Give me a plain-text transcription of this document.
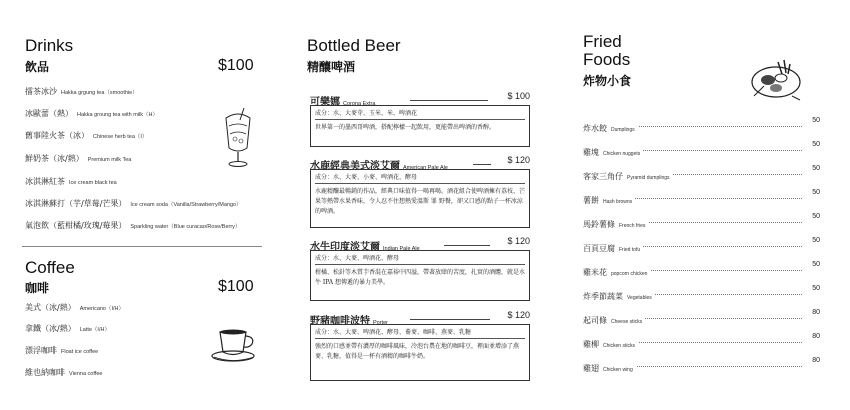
Drinks
飲品	$100
擂茶冰沙 Hakka grgung tea（smoothie）
冰歐蕾（熱） Hakka groung tea with milk（H）
舊事陸火茶（冰） Chinese herb tea（I）
鮮奶茶（冰/熱） Premium milk Tea
冰淇淋紅茶 Ice cream black tea
冰淇淋蘇打（芋/草莓/芒果） Ice cream soda（Vanilla/Strawberry/Mango）
氣泡飲（藍柑橘/玫瑰/莓果） Sparkling water（Blue curacao/Rose/Berry）
Coffee
咖啡	$100
美式（冰/熱） Americano（I/H）
拿鐵（冰/熱） Latte（I/H）
漂浮咖啡 Float ice coffee
維也納咖啡 Vienna coffee
Bottled Beer
精釀啤酒
可樂娜 Corona Extra
$ 100
成分：水、大麥芽、玉米、米、啤酒花
世界第一的墨西哥啤酒，搭配檸檬一起飲用，更能帶出啤酒的香醇。
水鹿經典美式淡艾爾 American Pale Ale
$ 120
成分：水、大麥、小麥、啤酒花、酵母
水鹿精釀最暢銷的作品，經典口味值得一喝再喝。酒花組合使啤酒擁有荔枝、芒果等熱帶水果香味，令人忍不住想熱愛溫斯 罪 野餐，卻又口感的點子一杯冰涼的啤酒。
水牛印度淡艾爾 Indian Pale Ale
$ 120
成分：水、大麥、啤酒花、酵母
柑橘、松針等木質芋香混在嘉裕中四溢，帶著放肆的苦度，扎實的酒體，就是水牛 IPA 想傳遞的暴力美學。
野豬咖啡波特 Porter
$ 120
成分：水、大麥、啤酒花、酵母、蕎麥、咖啡、燕麥、乳糖
強烈的口感並帶有濃厚的咖啡風味，冷泡台農在地的咖啡豆，裡面並增添了燕麥、乳糖，值得是一杯有酒精的咖啡牛奶。
Fried
Foods
炸物小食
炸水餃 Dumplings
50
雞塊 Chicken nuggets
50
客家三角仔 Pyramid dumplings
50
薯餅 Hash browns
50
馬鈴薯條 French fries
50
百頁豆腐 Fried tofu
50
雞米花 popcorn chicken
50
炸季節蔬菜 Vegetables
50
起司條 Cheese sticks
80
雞柳 Chicken sticks
80
雞翅 Chicken wing
80
